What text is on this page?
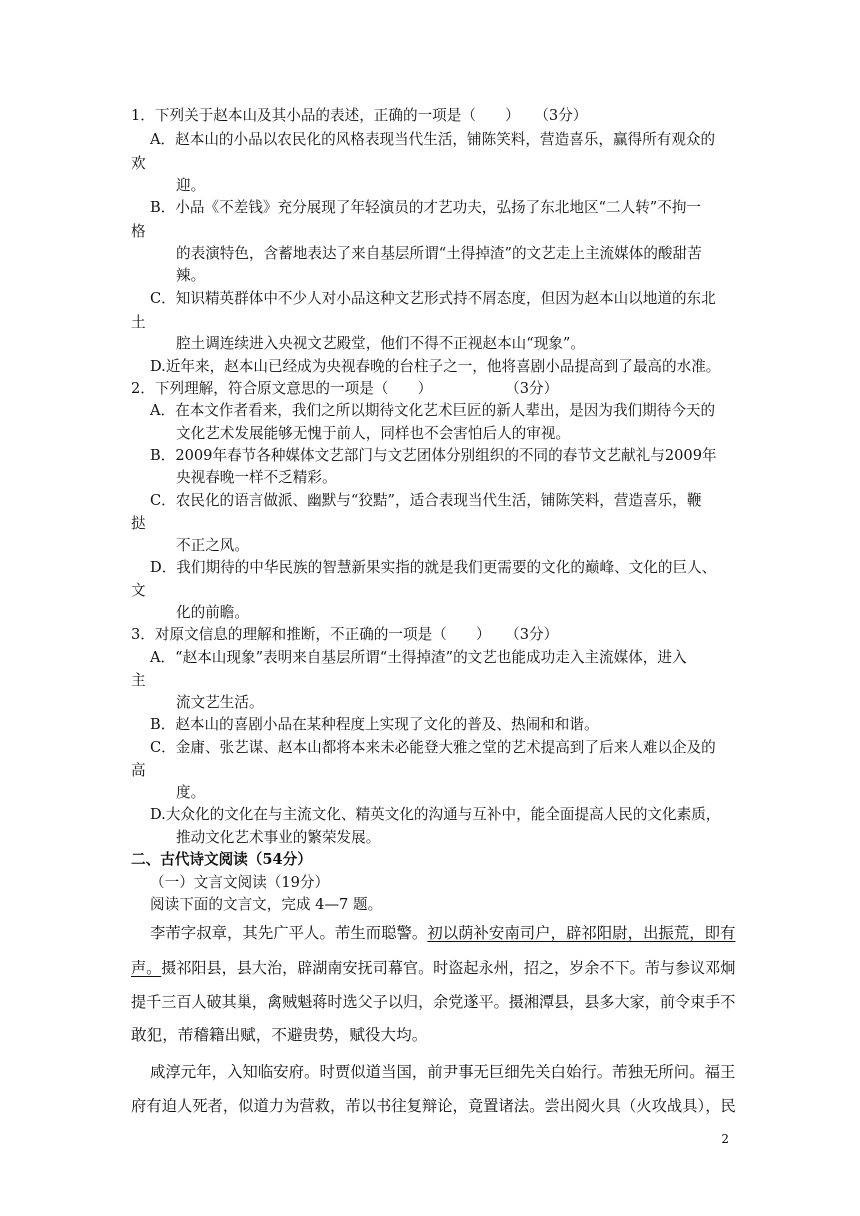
1．下列关于赵本山及其小品的表述，正确的一项是（　　）　　（3分）
A．赵本山的小品以农民化的风格表现当代生活，铺陈笑料，营造喜乐，赢得所有观众的
欢
迎。
B．小品《不差钱》充分展现了年轻演员的才艺功夫，弘扬了东北地区“二人转”不拘一
格
的表演特色，含蓄地表达了来自基层所谓“土得掉渣”的文艺走上主流媒体的酸甜苦
辣。
C．知识精英群体中不少人对小品这种文艺形式持不屑态度，但因为赵本山以地道的东北
土
腔土调连续进入央视文艺殿堂，他们不得不正视赵本山“现象”。
D.近年来，赵本山已经成为央视春晚的台柱子之一，他将喜剧小品提高到了最高的水准。
2．下列理解，符合原文意思的一项是（　　）　　　　　　（3分）
A．在本文作者看来，我们之所以期待文化艺术巨匠的新人辈出，是因为我们期待今天的
文化艺术发展能够无愧于前人，同样也不会害怕后人的审视。
B．2009年春节各种媒体文艺部门与文艺团体分别组织的不同的春节文艺献礼与2009年
央视春晚一样不乏精彩。
C．农民化的语言做派、幽默与“狡黠”，适合表现当代生活，铺陈笑料，营造喜乐，鞭
挞
不正之风。
D．我们期待的中华民族的智慧新果实指的就是我们更需要的文化的巅峰、文化的巨人、
文
化的前瞻。
3．对原文信息的理解和推断，不正确的一项是（　　）　　（3分）
A．“赵本山现象”表明来自基层所谓“土得掉渣”的文艺也能成功走入主流媒体，进入
主
流文艺生活。
B．赵本山的喜剧小品在某种程度上实现了文化的普及、热闹和和谐。
C．金庸、张艺谋、赵本山都将本来未必能登大雅之堂的艺术提高到了后来人难以企及的
高
度。
D.大众化的文化在与主流文化、精英文化的沟通与互补中，能全面提高人民的文化素质，
推动文化艺术事业的繁荣发展。
二、古代诗文阅读（54分）
（一）文言文阅读（19分）
阅读下面的文言文，完成 4—7 题。
李芾字叔章，其先广平人。芾生而聪警。初以荫补安南司户，辟祁阳尉，出振荒，即有
声。摄祁阳县，县大治，辟湖南安抚司幕官。时盗起永州，招之，岁余不下。芾与参议邓炯
提千三百人破其巢，禽贼魁蒋时选父子以归，余党遂平。摄湘潭县，县多大家，前令束手不
敢犯，芾稽籍出赋，不避贵势，赋役大均。
咸淳元年，入知临安府。时贾似道当国，前尹事无巨细先关白始行。芾独无所问。福王
府有迫人死者，似道力为营救，芾以书往复辩论，竟置诸法。尝出阅火具（火攻战具），民
2
